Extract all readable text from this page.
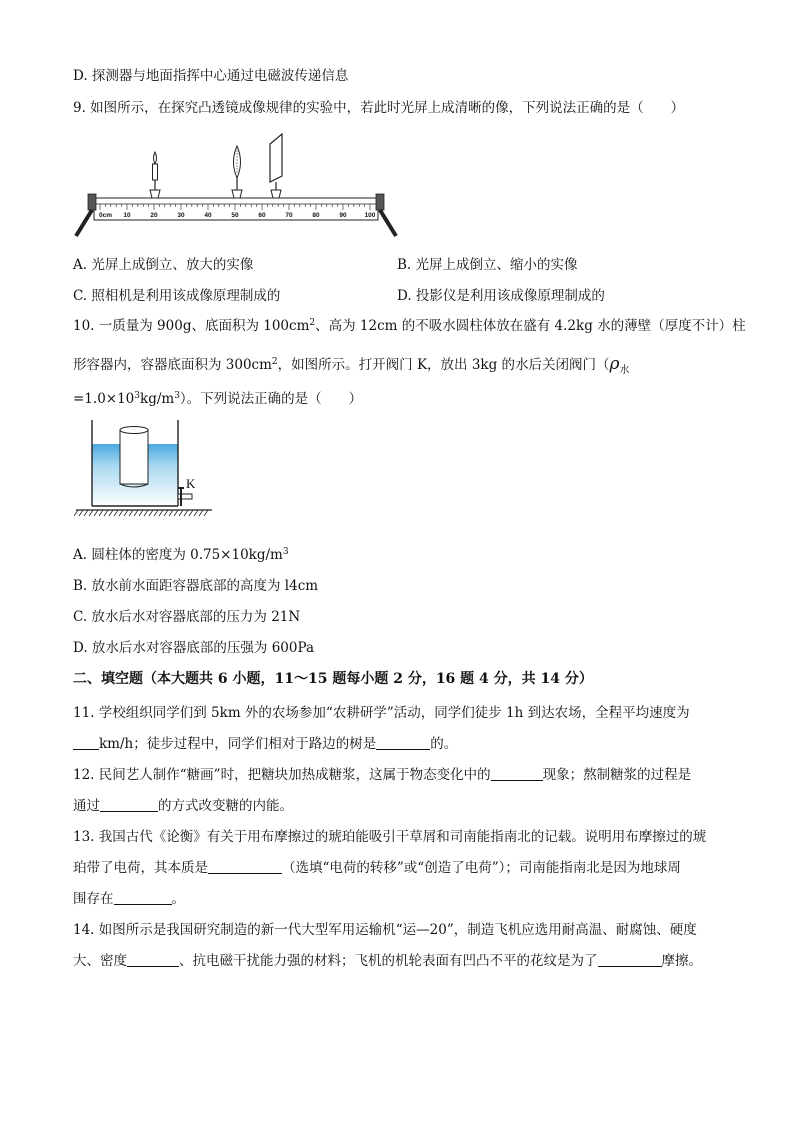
D. 探测器与地面指挥中心通过电磁波传递信息
9. 如图所示，在探究凸透镜成像规律的实验中，若此时光屏上成清晰的像，下列说法正确的是（　　）
0cm 10	20	30	40	50	60	70	80	90	100
A. 光屏上成倒立、放大的实像	B. 光屏上成倒立、缩小的实像
C. 照相机是利用该成像原理制成的	D. 投影仪是利用该成像原理制成的
10. 一质量为 900g、底面积为 $100cm^2$、高为 12cm 的不吸水圆柱体放在盛有 4.2kg 水的薄壁（厚度不计）柱
形容器内，容器底面积为 $300cm^2$，如图所示。打开阀门 K，放出 3kg 的水后关闭阀门（$\rho_水$
$=1.0\times 10^3kg/m^3$）。下列说法正确的是（　　）
K
A. 圆柱体的密度为 $0.75\times 10kg/m^3$
B. 放水前水面距容器底部的高度为 l4cm
C. 放水后水对容器底部的压力为 21N
D. 放水后水对容器底部的压强为 600Pa
二、填空题（本大题共 6 小题，11～15 题每小题 2 分，16 题 4 分，共 14 分）
11. 学校组织同学们到 5km 外的农场参加“农耕研学”活动，同学们徒步 1h 到达农场，全程平均速度为
km/h；徒步过程中，同学们相对于路边的树是	的。
12. 民间艺人制作“糖画”时，把糖块加热成糖浆，这属于物态变化中的	现象；熬制糖浆的过程是
通过	的方式改变糖的内能。
13. 我国古代《论衡》有关于用布摩擦过的琥珀能吸引干草屑和司南能指南北的记载。说明用布摩擦过的琥
珀带了电荷，其本质是	（选填“电荷的转移”或“创造了电荷”）；司南能指南北是因为地球周
围存在	。
14. 如图所示是我国研究制造的新一代大型军用运输机“运—20”，制造飞机应选用耐高温、耐腐蚀、硬度
大、密度	、抗电磁干扰能力强的材料；飞机的机轮表面有凹凸不平的花纹是为了	摩擦。
